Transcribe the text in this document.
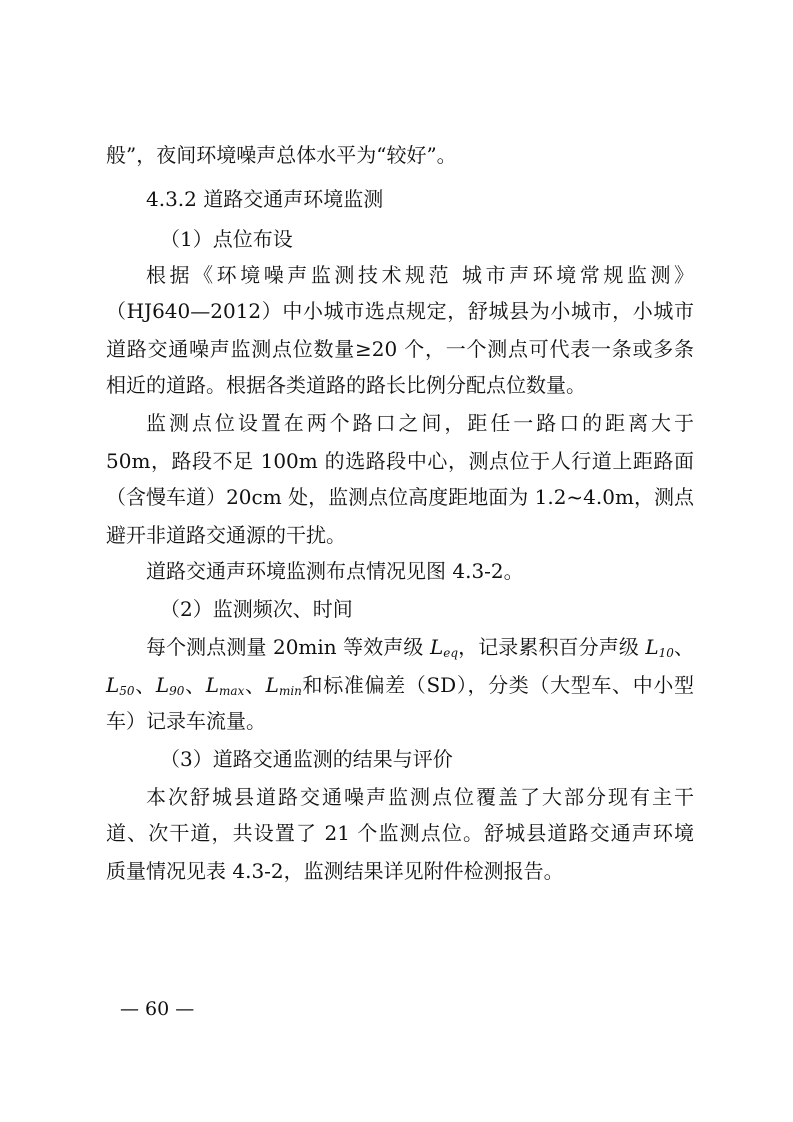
般”，夜间环境噪声总体水平为“较好”。
4.3.2 道路交通声环境监测
（1）点位布设
根据《环境噪声监测技术规范 城市声环境常规监测》
（HJ640—2012）中小城市选点规定，舒城县为小城市，小城市
道路交通噪声监测点位数量≥20 个，一个测点可代表一条或多条
相近的道路。根据各类道路的路长比例分配点位数量。
监测点位设置在两个路口之间，距任一路口的距离大于
50m，路段不足 100m 的选路段中心，测点位于人行道上距路面
（含慢车道）20cm 处，监测点位高度距地面为 1.2~4.0m，测点
避开非道路交通源的干扰。
道路交通声环境监测布点情况见图 4.3-2。
（2）监测频次、时间
每个测点测量 20min 等效声级 $L_{eq}$，记录累积百分声级 $L_{10}$、
$L_{50}$、$L_{90}$、$L_{max}$、$L_{min}$和标准偏差（SD），分类（大型车、中小型
车）记录车流量。
（3）道路交通监测的结果与评价
本次舒城县道路交通噪声监测点位覆盖了大部分现有主干
道、次干道，共设置了 21 个监测点位。舒城县道路交通声环境
质量情况见表 4.3-2，监测结果详见附件检测报告。
— 60 —
